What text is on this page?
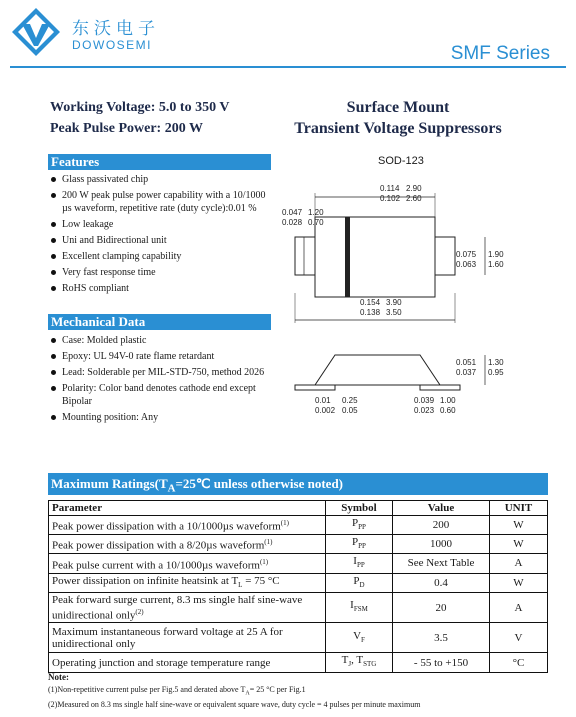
东沃电子
DOWOSEMI	SMF Series
Working Voltage: 5.0 to 350 V
Peak Pulse Power: 200 W
Surface Mount
Transient Voltage Suppressors
Features
Glass passivated chip
200 W peak pulse power capability with a 10/1000 µs waveform, repetitive rate (duty cycle):0.01 %
Low leakage
Uni and Bidirectional unit
Excellent clamping capability
Very fast response time
RoHS compliant
Mechanical Data
Case: Molded plastic
Epoxy: UL 94V-0 rate flame retardant
Lead: Solderable per MIL-STD-750, method 2026
Polarity: Color band denotes cathode end except Bipolar
Mounting position: Any
SOD-123
0.114
0.102
2.90
2.60
0.047
0.028
1.20
0.70
0.075
0.063
1.90
1.60
0.154
0.138
3.90
3.50
0.051
0.037
1.30
0.95
0.01
0.002
0.25
0.05
0.039
0.023
1.00
0.60
Maximum $Ratings(T_A=25℃$ unless otherwise noted)
Parameter	Symbol	Value	UNIT
Peak power dissipation with a 10/1000µs waveform$^{(1)}$	$P_{PP}$	200	W
Peak power dissipation with a 8/20µs waveform$^{(1)}$	$P_{PP}$	1000	W
Peak pulse current with a 10/1000µs waveform$^{(1)}$	$I_{PP}$	See Next Table	A
Power dissipation on infinite heatsink at $T_L = 75$ °C	$P_D$	0.4	W
Peak forward surge current, 8.3 ms single half sine-wave unidirectional only$^{(2)}$	$I_{FSM}$	20	A
Maximum instantaneous forward voltage at 25 A for unidirectional only	$V_F$	3.5	V
Operating junction and storage temperature range	$T_J$, $T_{STG}$	- 55 to +150	°C
Note:
(1)Non-repetitive current pulse per Fig.5 and derated above $T_A= 25$ °C per Fig.1
(2)Measured on 8.3 ms single half sine-wave or equivalent square wave, duty cycle = 4 pulses per minute maximum
